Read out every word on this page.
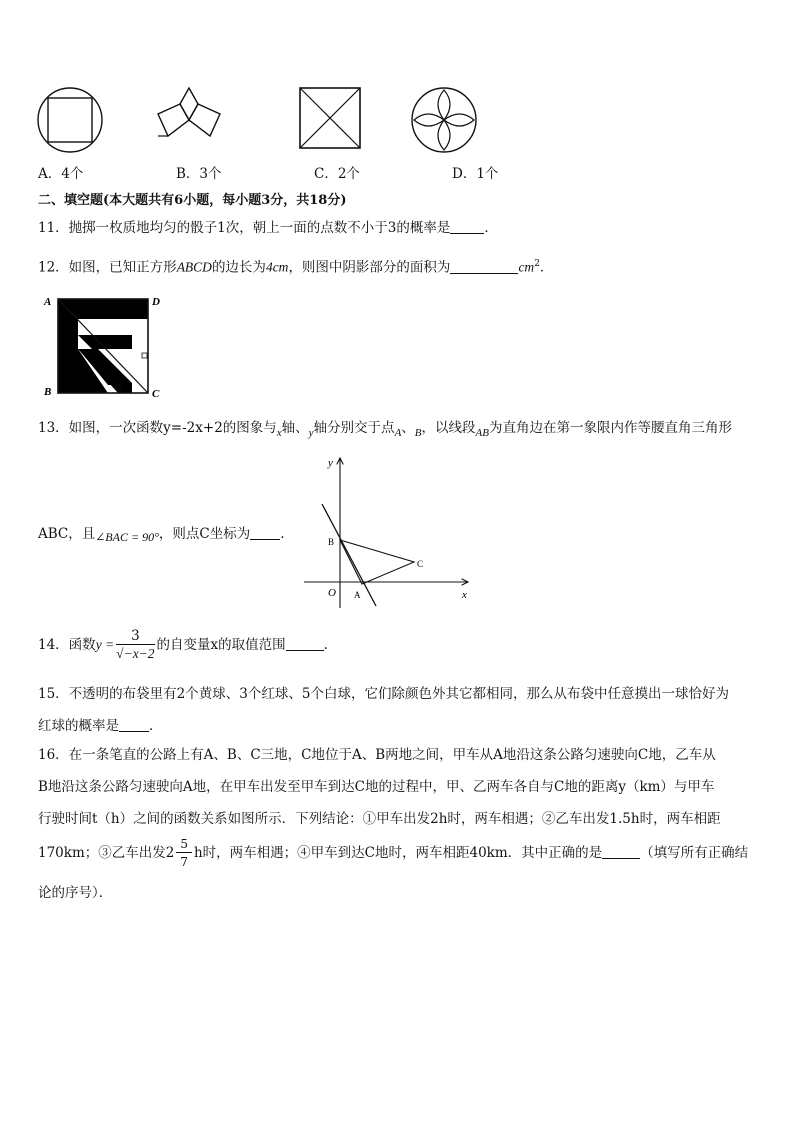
A．4个	B．3个	C．2个	D．1个
二、填空题(本大题共有6小题，每小题3分，共18分)
11．抛掷一枚质地均匀的骰子1次，朝上一面的点数不小于3的概率是	．
12．如图，已知正方形ABCD的边长为4cm，则图中阴影部分的面积为	$cm^2$．
A	D
B	C
13．如图，一次函数y=-2x+2的图象与$_x$轴、$_y$轴分别交于点$_A$、$_B$，以线段$_{AB}$为直角边在第一象限内作等腰直角三角形
ABC，且∠BAC = 90°，则点C坐标为 .
y
x
O A
B
C
14．函数$y = \frac{3}{√-x-2}$ 的自变量x的取值范围	.
15．不透明的布袋里有2个黄球、3个红球、5个白球，它们除颜色外其它都相同，那么从布袋中任意摸出一球恰好为
红球的概率是 ．
16．在一条笔直的公路上有A、B、C三地，C地位于A、B两地之间，甲车从A地沿这条公路匀速驶向C地，乙车从
B地沿这条公路匀速驶向A地，在甲车出发至甲车到达C地的过程中，甲、乙两车各自与C地的距离y（km）与甲车
行驶时间t（h）之间的函数关系如图所示．下列结论：①甲车出发2h时，两车相遇；②乙车出发1.5h时，两车相距
170km；③乙车出发$2 \frac{5}{7}$ h时，两车相遇；④甲车到达C地时，两车相距40km．其中正确的是	（填写所有正确结
论的序号）．
